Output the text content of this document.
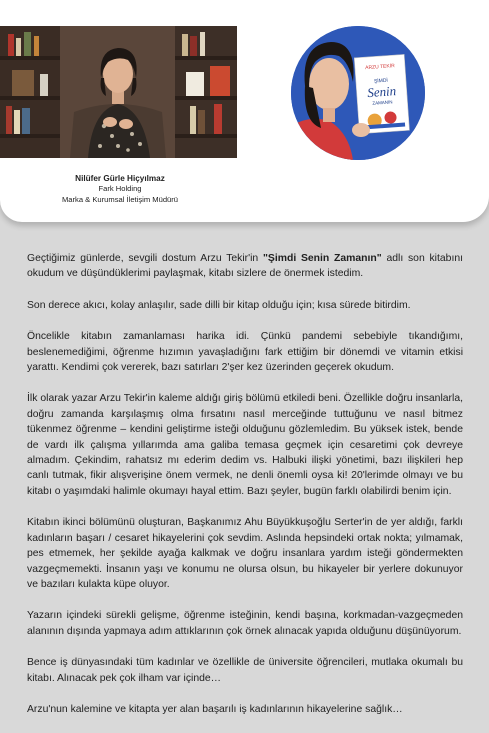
ARZU TEKİR
ŞİMDİ
Senin
ZAMANIN
Nilüfer Gürle Hiçyılmaz
Fark Holding
Marka & Kurumsal İletişim Müdürü

Geçtiğimiz günlerde, sevgili dostum Arzu Tekir'in "Şimdi Senin Zamanın" adlı son kitabını okudum ve düşündüklerimi paylaşmak, kitabı sizlere de önermek istedim.

Son derece akıcı, kolay anlaşılır, sade dilli bir kitap olduğu için; kısa sürede bitirdim.

Öncelikle kitabın zamanlaması harika idi. Çünkü pandemi sebebiyle tıkandığımı, beslenemediğimi, öğrenme hızımın yavaşladığını fark ettiğim bir dönemdi ve vitamin etkisi yarattı. Kendimi çok vererek, bazı satırları 2'şer kez üzerinden geçerek okudum.

İlk olarak yazar Arzu Tekir'in kaleme aldığı giriş bölümü etkiledi beni. Özellikle doğru insanlarla, doğru zamanda karşılaşmış olma fırsatını nasıl merceğinde tuttuğunu ve nasıl bitmez tükenmez öğrenme – kendini geliştirme isteği olduğunu gözlemledim. Bu yüksek istek, bende de vardı ilk çalışma yıllarımda ama galiba temasa geçmek için cesaretimi çok devreye almadım. Çekindim, rahatsız mı ederim dedim vs. Halbuki ilişki yönetimi, bazı ilişkileri hep canlı tutmak, fikir alışverişine önem vermek, ne denli önemli oysa ki! 20'lerimde olmayı ve bu kitabı o yaşımdaki halimle okumayı hayal ettim. Bazı şeyler, bugün farklı olabilirdi benim için.

Kitabın ikinci bölümünü oluşturan, Başkanımız Ahu Büyükkuşoğlu Serter'in de yer aldığı, farklı kadınların başarı / cesaret hikayelerini çok sevdim. Aslında hepsindeki ortak nokta; yılmamak, pes etmemek, her şekilde ayağa kalkmak ve doğru insanlara yardım isteği göndermekten vazgeçmemekti. İnsanın yaşı ve konumu ne olursa olsun, bu hikayeler bir yerlere dokunuyor ve bazıları kulakta küpe oluyor.

Yazarın içindeki sürekli gelişme, öğrenme isteğinin, kendi başına, korkmadan-vazgeçmeden alanının dışında yapmaya adım attıklarının çok örnek alınacak yapıda olduğunu düşünüyorum.

Bence iş dünyasındaki tüm kadınlar ve özellikle de üniversite öğrencileri, mutlaka okumalı bu kitabı. Alınacak pek çok ilham var içinde…

Arzu'nun kalemine ve kitapta yer alan başarılı iş kadınlarının hikayelerine sağlık…
